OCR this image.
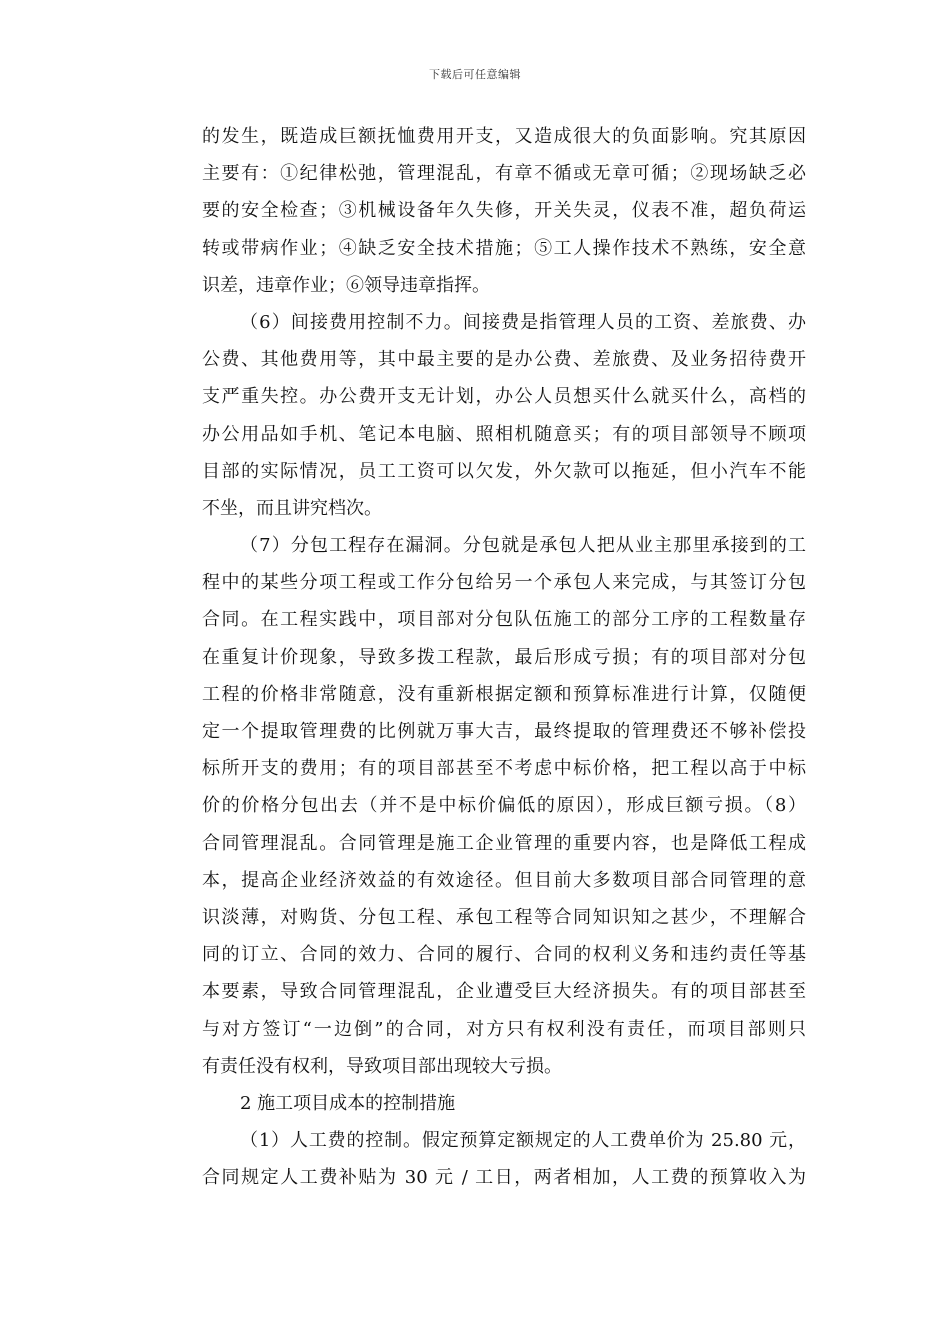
下载后可任意编辑
的发生，既造成巨额抚恤费用开支，又造成很大的负面影响。究其原因
主要有：①纪律松弛，管理混乱，有章不循或无章可循；②现场缺乏必
要的安全检查；③机械设备年久失修，开关失灵，仪表不准，超负荷运
转或带病作业；④缺乏安全技术措施；⑤工人操作技术不熟练，安全意
识差，违章作业；⑥领导违章指挥。
（6）间接费用控制不力。间接费是指管理人员的工资、差旅费、办
公费、其他费用等，其中最主要的是办公费、差旅费、及业务招待费开
支严重失控。办公费开支无计划，办公人员想买什么就买什么，高档的
办公用品如手机、笔记本电脑、照相机随意买；有的项目部领导不顾项
目部的实际情况，员工工资可以欠发，外欠款可以拖延，但小汽车不能
不坐，而且讲究档次。
（7）分包工程存在漏洞。分包就是承包人把从业主那里承接到的工
程中的某些分项工程或工作分包给另一个承包人来完成，与其签订分包
合同。在工程实践中，项目部对分包队伍施工的部分工序的工程数量存
在重复计价现象，导致多拨工程款，最后形成亏损；有的项目部对分包
工程的价格非常随意，没有重新根据定额和预算标准进行计算，仅随便
定一个提取管理费的比例就万事大吉，最终提取的管理费还不够补偿投
标所开支的费用；有的项目部甚至不考虑中标价格，把工程以高于中标
价的价格分包出去（并不是中标价偏低的原因），形成巨额亏损。（8）
合同管理混乱。合同管理是施工企业管理的重要内容，也是降低工程成
本，提高企业经济效益的有效途径。但目前大多数项目部合同管理的意
识淡薄，对购货、分包工程、承包工程等合同知识知之甚少，不理解合
同的订立、合同的效力、合同的履行、合同的权利义务和违约责任等基
本要素，导致合同管理混乱，企业遭受巨大经济损失。有的项目部甚至
与对方签订“一边倒”的合同，对方只有权利没有责任，而项目部则只
有责任没有权利，导致项目部出现较大亏损。
2 施工项目成本的控制措施
（1）人工费的控制。假定预算定额规定的人工费单价为 25.80 元，
合同规定人工费补贴为 30 元 / 工日，两者相加，人工费的预算收入为
